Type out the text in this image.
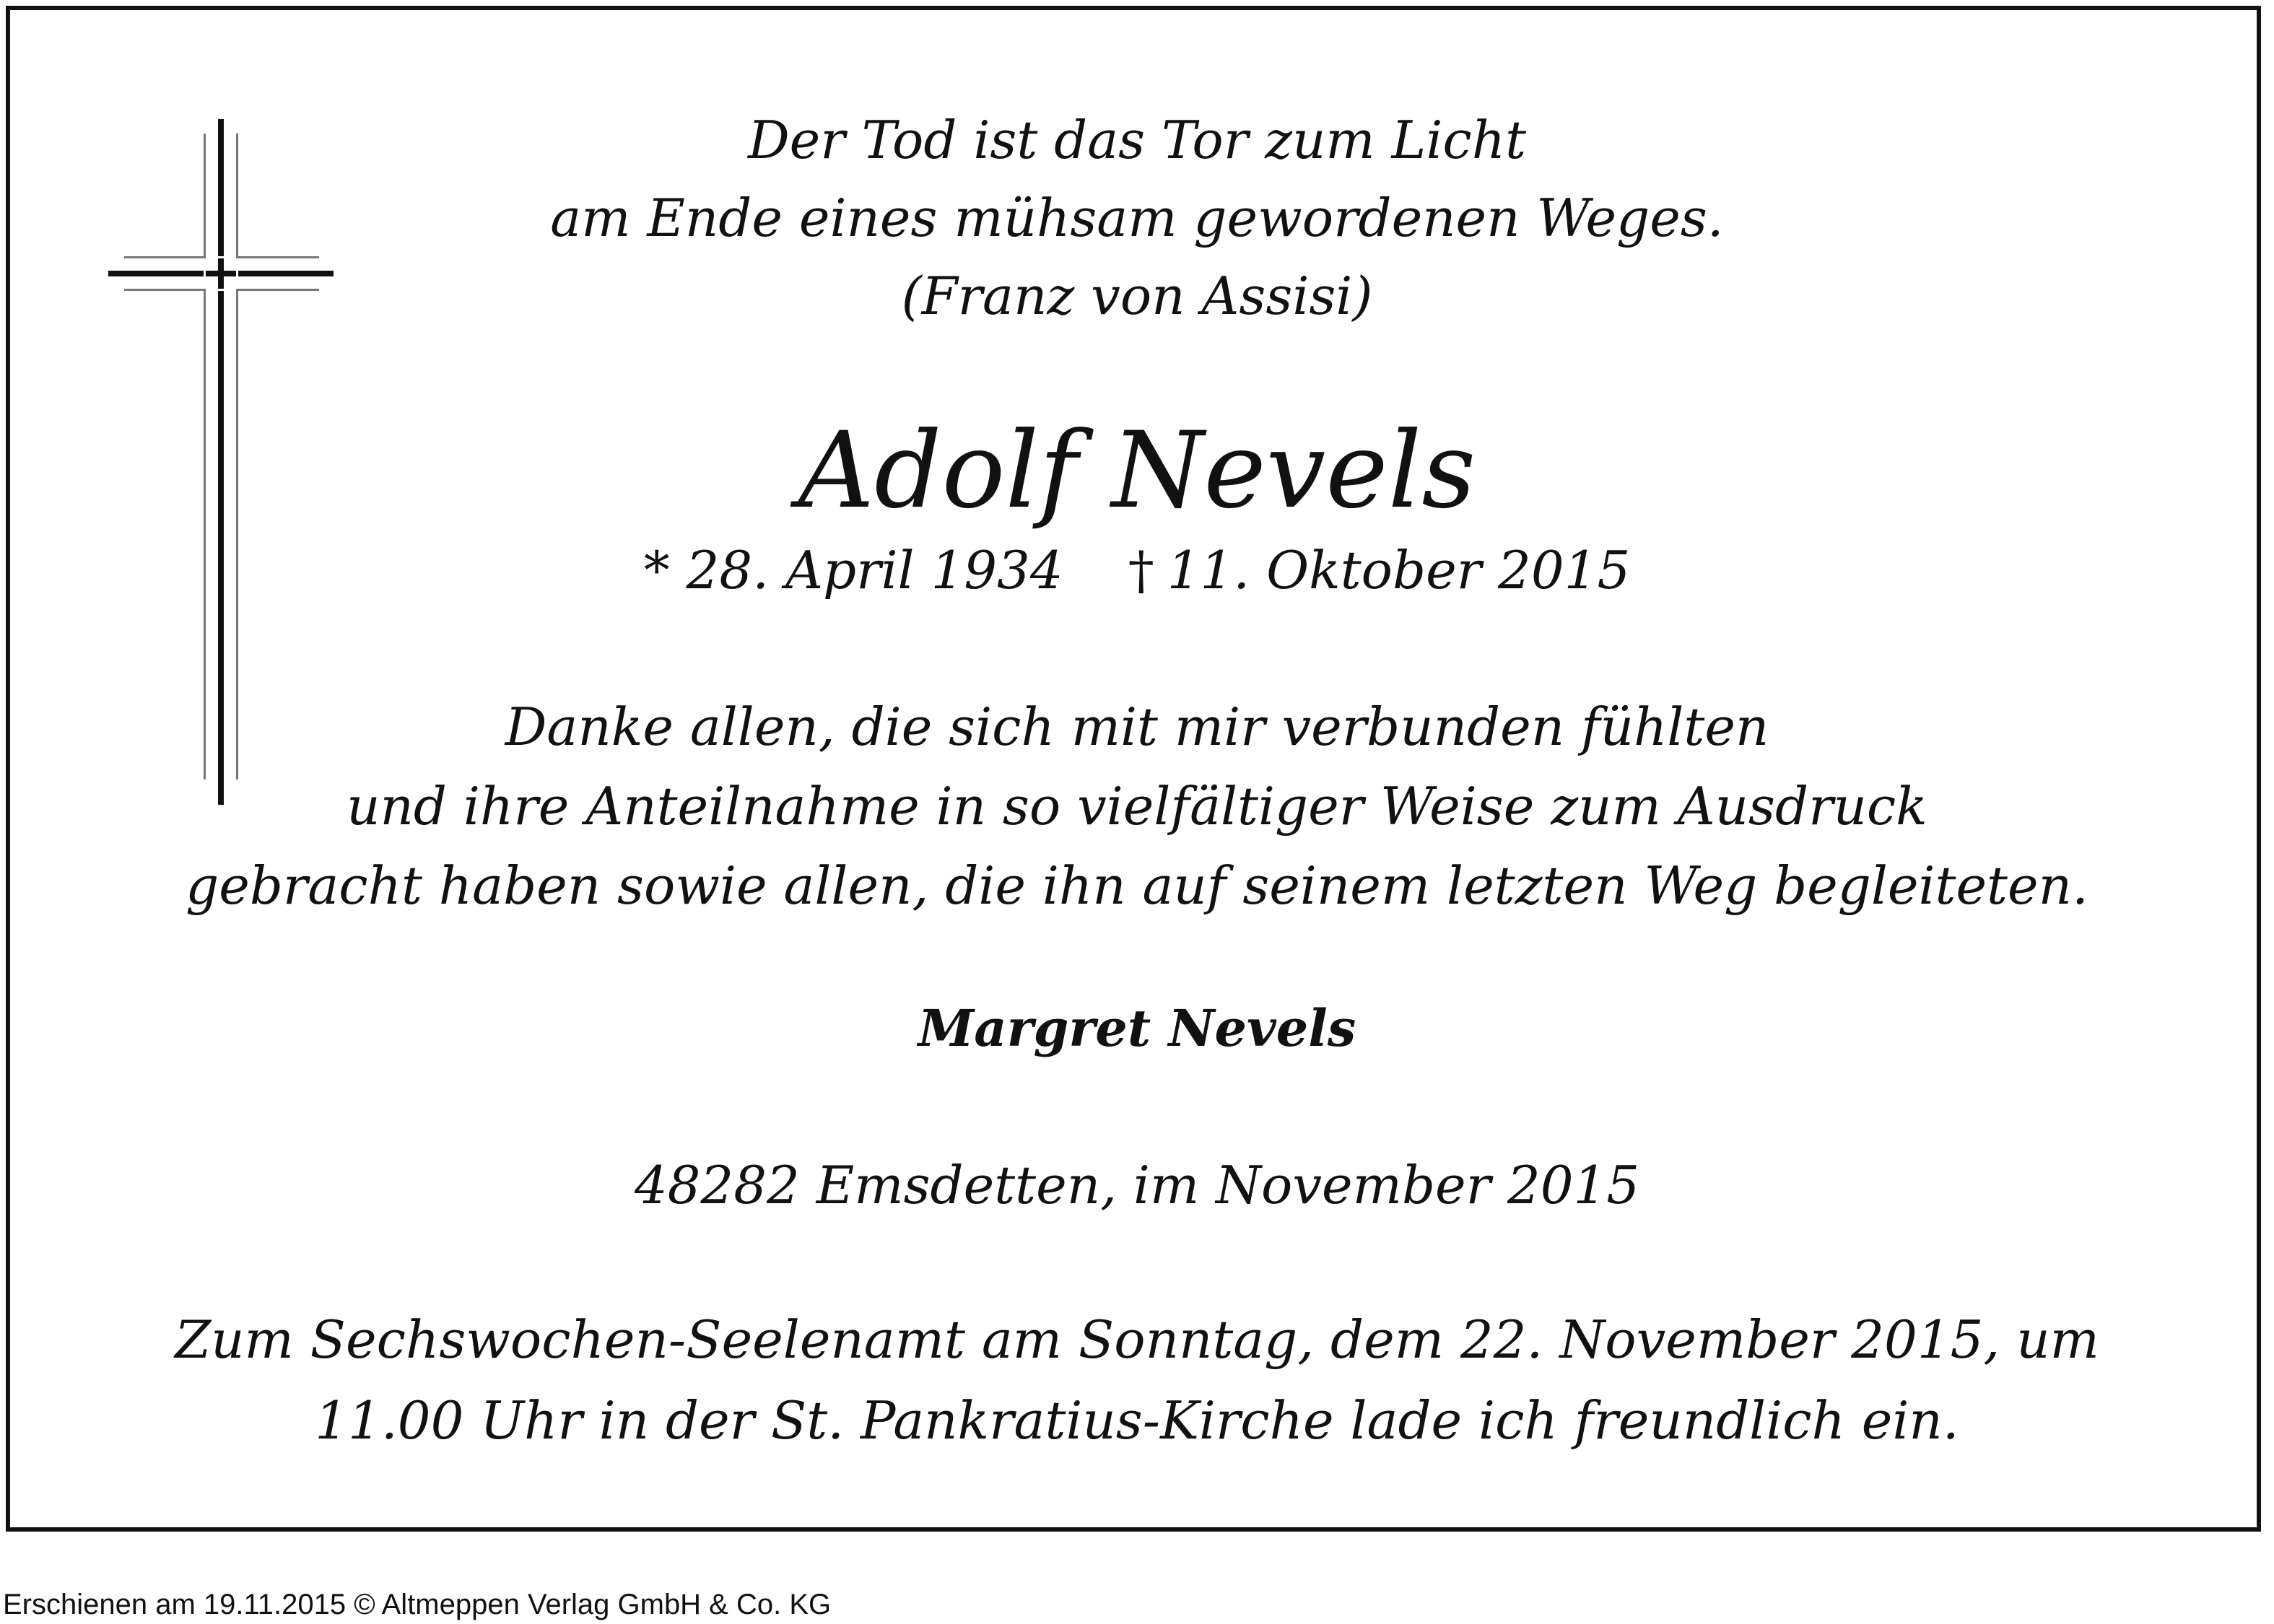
Der Tod ist das Tor zum Licht
am Ende eines mühsam gewordenen Weges.
(Franz von Assisi)

Adolf Nevels

* 28. April 1934 † 11. Oktober 2015

Danke allen, die sich mit mir verbunden fühlten
und ihre Anteilnahme in so vielfältiger Weise zum Ausdruck
gebracht haben sowie allen, die ihn auf seinem letzten Weg begleiteten.

Margret Nevels

48282 Emsdetten, im November 2015

Zum Sechswochen-Seelenamt am Sonntag, dem 22. November 2015, um
11.00 Uhr in der St. Pankratius-Kirche lade ich freundlich ein.

Erschienen am 19.11.2015 © Altmeppen Verlag GmbH & Co. KG
